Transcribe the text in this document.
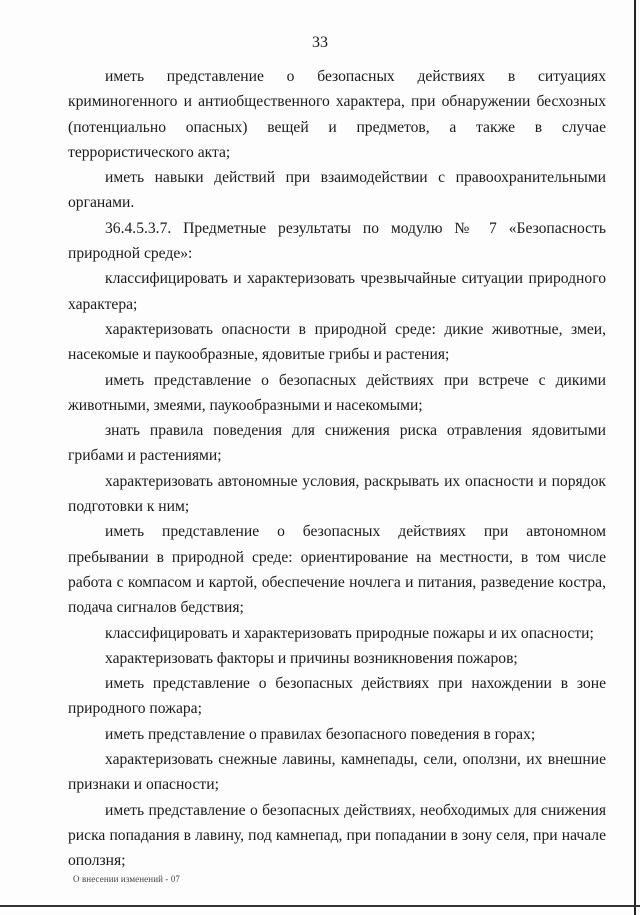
33

иметь представление о безопасных действиях в ситуациях криминогенного и антиобщественного характера, при обнаружении бесхозных (потенциально опасных) вещей и предметов, а также в случае террористического акта;

иметь навыки действий при взаимодействии с правоохранительными органами.

36.4.5.3.7. Предметные результаты по модулю № 7 «Безопасность природной среде»:

классифицировать и характеризовать чрезвычайные ситуации природного характера;

характеризовать опасности в природной среде: дикие животные, змеи, насекомые и паукообразные, ядовитые грибы и растения;

иметь представление о безопасных действиях при встрече с дикими животными, змеями, паукообразными и насекомыми;

знать правила поведения для снижения риска отравления ядовитыми грибами и растениями;

характеризовать автономные условия, раскрывать их опасности и порядок подготовки к ним;

иметь представление о безопасных действиях при автономном пребывании в природной среде: ориентирование на местности, в том числе работа с компасом и картой, обеспечение ночлега и питания, разведение костра, подача сигналов бедствия;

классифицировать и характеризовать природные пожары и их опасности;

характеризовать факторы и причины возникновения пожаров;

иметь представление о безопасных действиях при нахождении в зоне природного пожара;

иметь представление о правилах безопасного поведения в горах;

характеризовать снежные лавины, камнепады, сели, оползни, их внешние признаки и опасности;

иметь представление о безопасных действиях, необходимых для снижения риска попадания в лавину, под камнепад, при попадании в зону селя, при начале оползня;

О внесении изменений - 07
